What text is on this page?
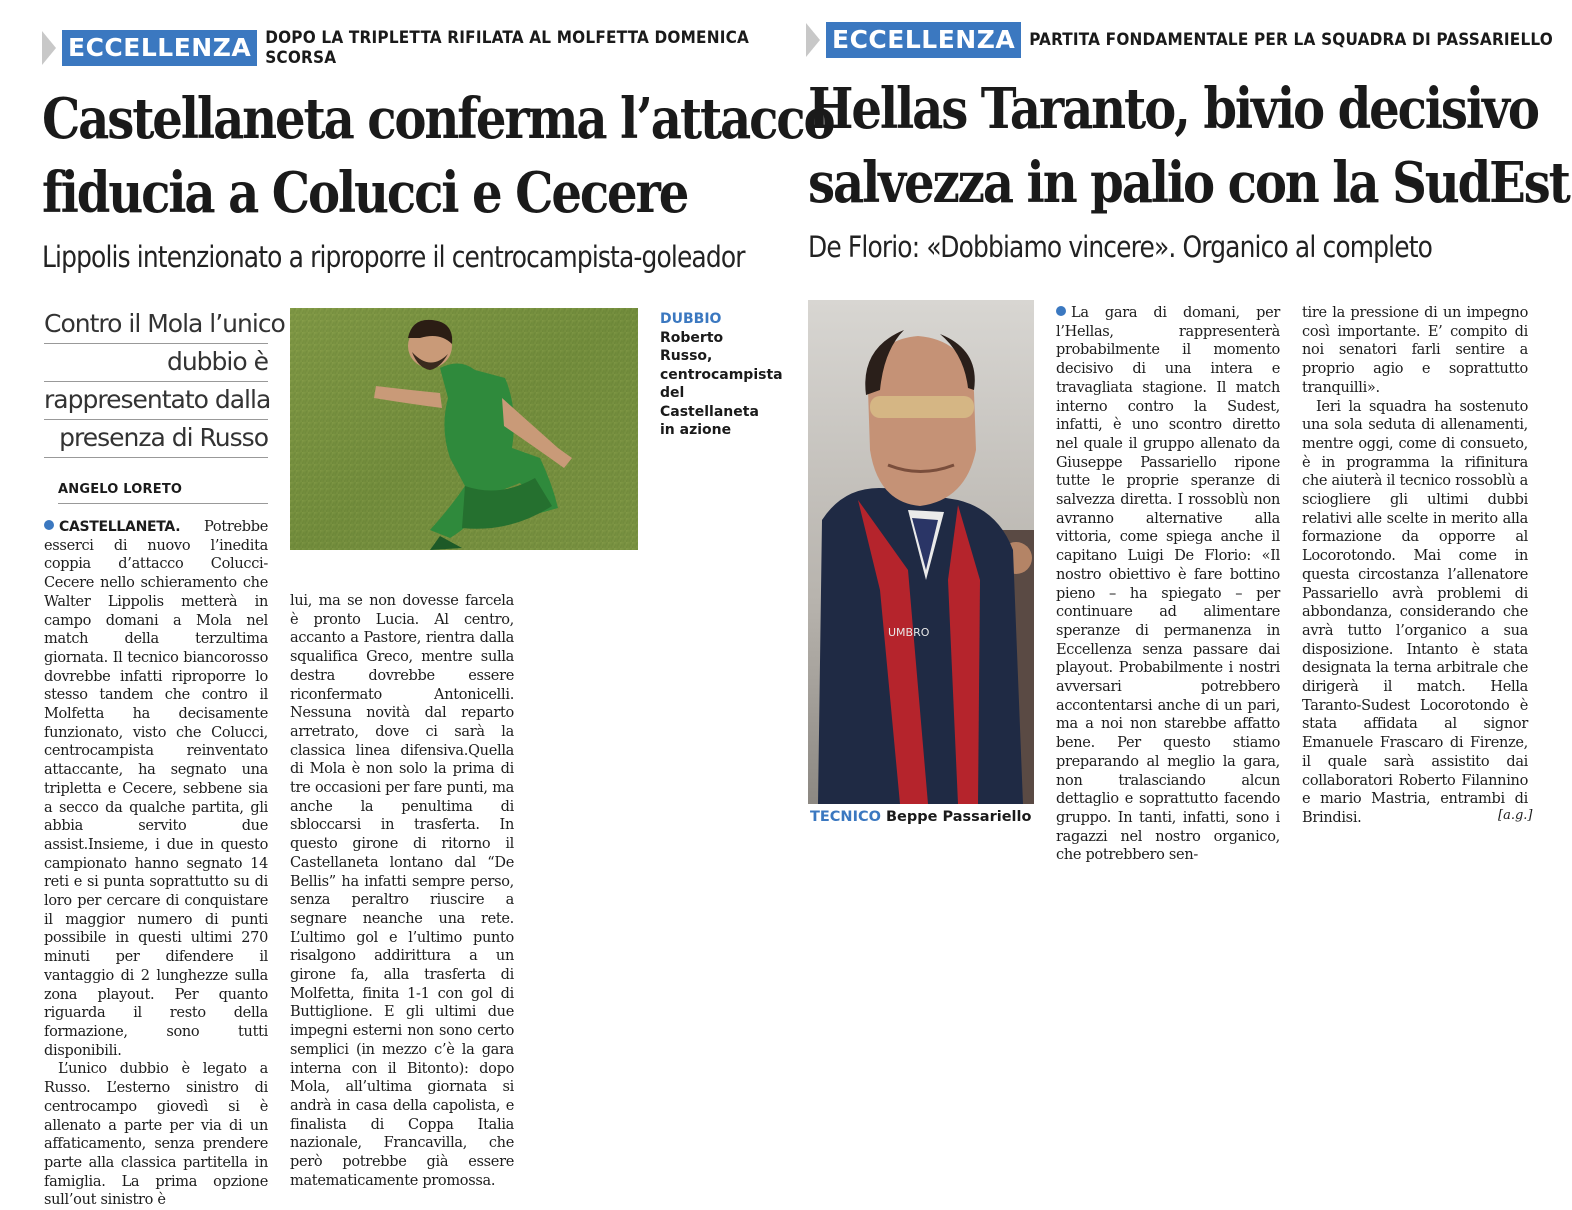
ECCELLENZA DOPO LA TRIPLETTA RIFILATA AL MOLFETTA DOMENICA SCORSA
Castellaneta conferma l’attacco
fiducia a Colucci e Cecere
Lippolis intenzionato a riproporre il centrocampista-goleador
Contro il Mola l’unico
dubbio è
rappresentato dalla
presenza di Russo
ANGELO LORETO

CASTELLANETA. Potrebbe esserci di nuovo l’inedita coppia d’attacco Colucci-Cecere nello schieramento che Walter Lippolis metterà in campo domani a Mola nel match della terzultima giornata. Il tecnico biancorosso dovrebbe infatti riproporre lo stesso tandem che contro il Molfetta ha decisamente funzionato, visto che Colucci, centrocampista reinventato attaccante, ha segnato una tripletta e Cecere, sebbene sia a secco da qualche partita, gli abbia servito due assist.Insieme, i due in questo campionato hanno segnato 14 reti e si punta soprattutto su di loro per cercare di conquistare il maggior numero di punti possibile in questi ultimi 270 minuti per difendere il vantaggio di 2 lunghezze sulla zona playout. Per quanto riguarda il resto della formazione, sono tutti disponibili.

L’unico dubbio è legato a Russo. L’esterno sinistro di centrocampo giovedì si è allenato a parte per via di un affaticamento, senza prendere parte alla classica partitella in famiglia. La prima opzione sull’out sinistro è

lui, ma se non dovesse farcela è pronto Lucia. Al centro, accanto a Pastore, rientra dalla squalifica Greco, mentre sulla destra dovrebbe essere riconfermato Antonicelli. Nessuna novità dal reparto arretrato, dove ci sarà la classica linea difensiva.Quella di Mola è non solo la prima di tre occasioni per fare punti, ma anche la penultima di sbloccarsi in trasferta. In questo girone di ritorno il Castellaneta lontano dal “De Bellis” ha infatti sempre perso, senza peraltro riuscire a segnare neanche una rete. L’ultimo gol e l’ultimo punto risalgono addirittura a un girone fa, alla trasferta di Molfetta, finita 1-1 con gol di Buttiglione. E gli ultimi due impegni esterni non sono certo semplici (in mezzo c’è la gara interna con il Bitonto): dopo Mola, all’ultima giornata si andrà in casa della capolista, e finalista di Coppa Italia nazionale, Francavilla, che però potrebbe già essere matematicamente promossa.

DUBBIO
Roberto Russo, centrocampista del Castellaneta in azione
ECCELLENZA PARTITA FONDAMENTALE PER LA SQUADRA DI PASSARIELLO
Hellas Taranto, bivio decisivo
salvezza in palio con la SudEst
De Florio: «Dobbiamo vincere». Organico al completo
UMBRO
TECNICO Beppe Passariello

La gara di domani, per l’Hellas, rappresenterà probabilmente il momento decisivo di una intera e travagliata stagione. Il match interno contro la Sudest, infatti, è uno scontro diretto nel quale il gruppo allenato da Giuseppe Passariello ripone tutte le proprie speranze di salvezza diretta. I rossoblù non avranno alternative alla vittoria, come spiega anche il capitano Luigi De Florio: «Il nostro obiettivo è fare bottino pieno – ha spiegato – per continuare ad alimentare speranze di permanenza in Eccellenza senza passare dai playout. Probabilmente i nostri avversari potrebbero accontentarsi anche di un pari, ma a noi non starebbe affatto bene. Per questo stiamo preparando al meglio la gara, non tralasciando alcun dettaglio e soprattutto facendo gruppo. In tanti, infatti, sono i ragazzi nel nostro organico, che potrebbero sen-

tire la pressione di un impegno così importante. E’ compito di noi senatori farli sentire a proprio agio e soprattutto tranquilli».

Ieri la squadra ha sostenuto una sola seduta di allenamenti, mentre oggi, come di consueto, è in programma la rifinitura che aiuterà il tecnico rossoblù a sciogliere gli ultimi dubbi relativi alle scelte in merito alla formazione da opporre al Locorotondo. Mai come in questa circostanza l’allenatore Passariello avrà problemi di abbondanza, considerando che avrà tutto l’organico a sua disposizione. Intanto è stata designata la terna arbitrale che dirigerà il match. Hella Taranto-Sudest Locorotondo è stata affidata al signor Emanuele Frascaro di Firenze, il quale sarà assistito dai collaboratori Roberto Filannino e mario Mastria, entrambi di Brindisi.	[a.g.]
